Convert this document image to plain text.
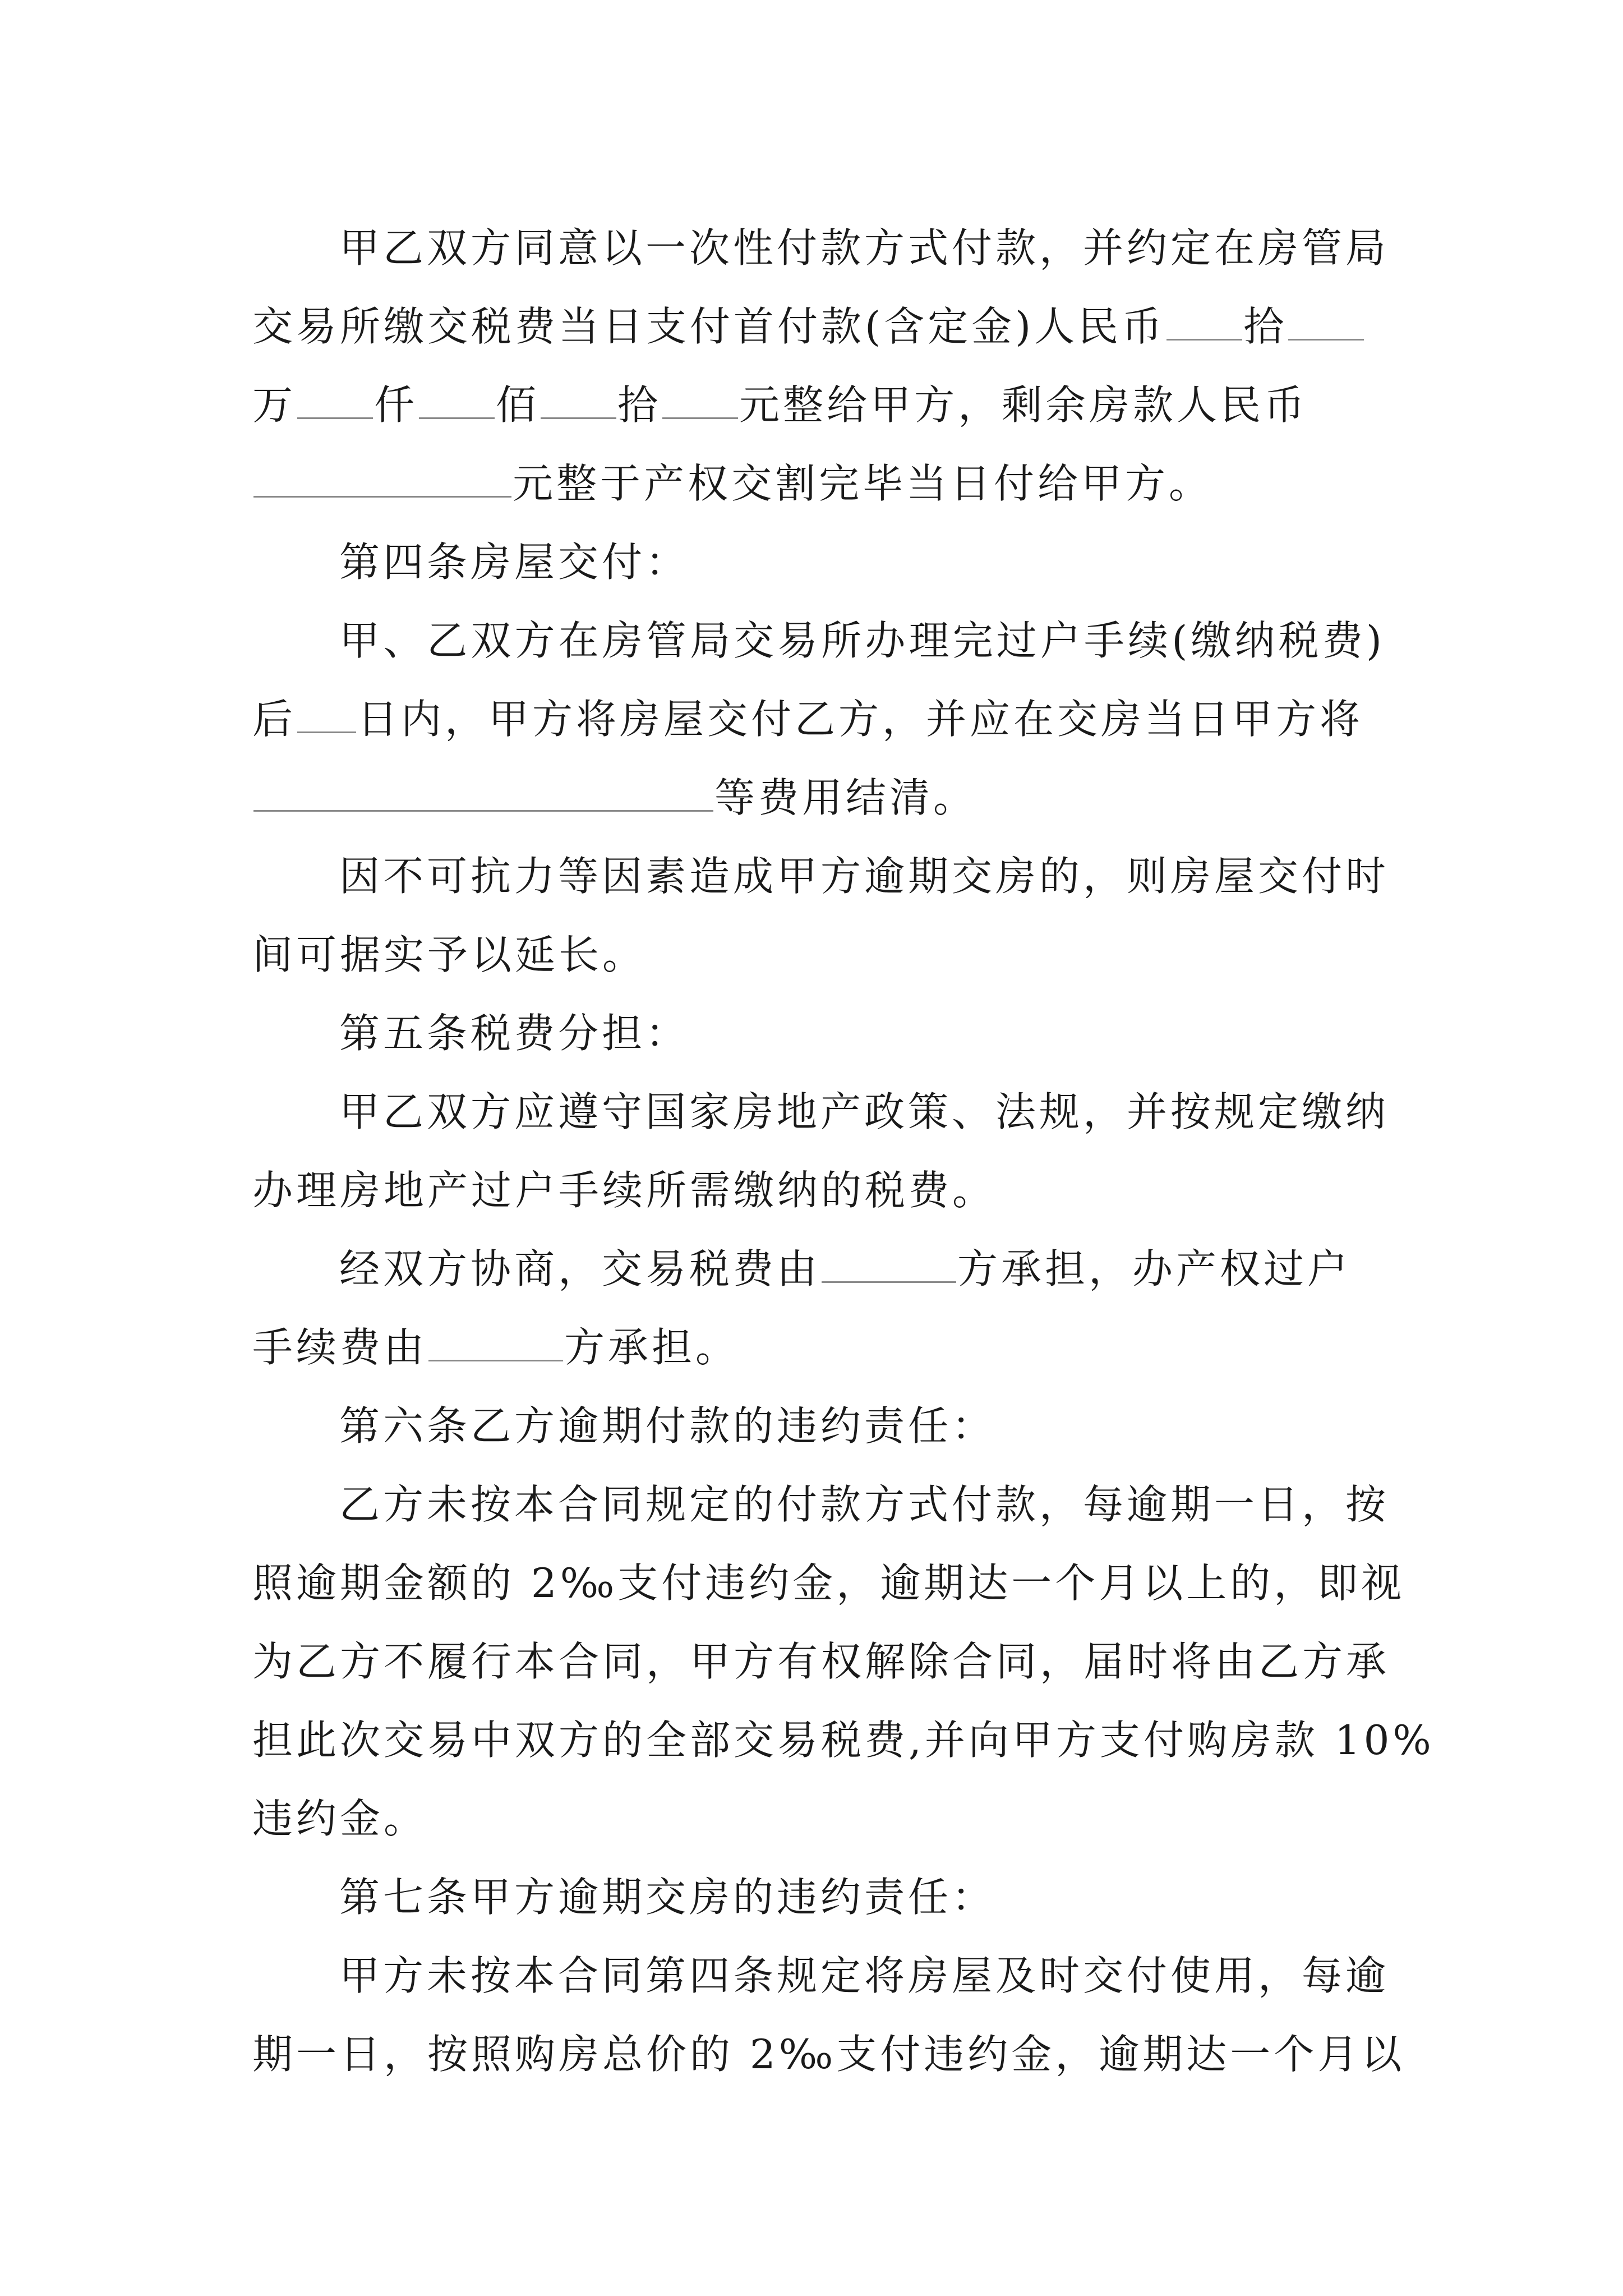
甲乙双方同意以一次性付款方式付款，并约定在房管局
交易所缴交税费当日支付首付款(含定金)人民币 拾
万 仟 佰 拾 元整给甲方，剩余房款人民币
元整于产权交割完毕当日付给甲方。
第四条房屋交付：
甲、乙双方在房管局交易所办理完过户手续(缴纳税费)
后 日内，甲方将房屋交付乙方，并应在交房当日甲方将
等费用结清。
因不可抗力等因素造成甲方逾期交房的，则房屋交付时
间可据实予以延长。
第五条税费分担：
甲乙双方应遵守国家房地产政策、法规，并按规定缴纳
办理房地产过户手续所需缴纳的税费。
经双方协商，交易税费由	方承担，办产权过户
手续费由	方承担。
第六条乙方逾期付款的违约责任：
乙方未按本合同规定的付款方式付款，每逾期一日，按
照逾期金额的 2‰支付违约金，逾期达一个月以上的，即视
为乙方不履行本合同，甲方有权解除合同，届时将由乙方承
担此次交易中双方的全部交易税费,并向甲方支付购房款 10%
违约金。
第七条甲方逾期交房的违约责任：
甲方未按本合同第四条规定将房屋及时交付使用，每逾
期一日，按照购房总价的 2‰支付违约金，逾期达一个月以
